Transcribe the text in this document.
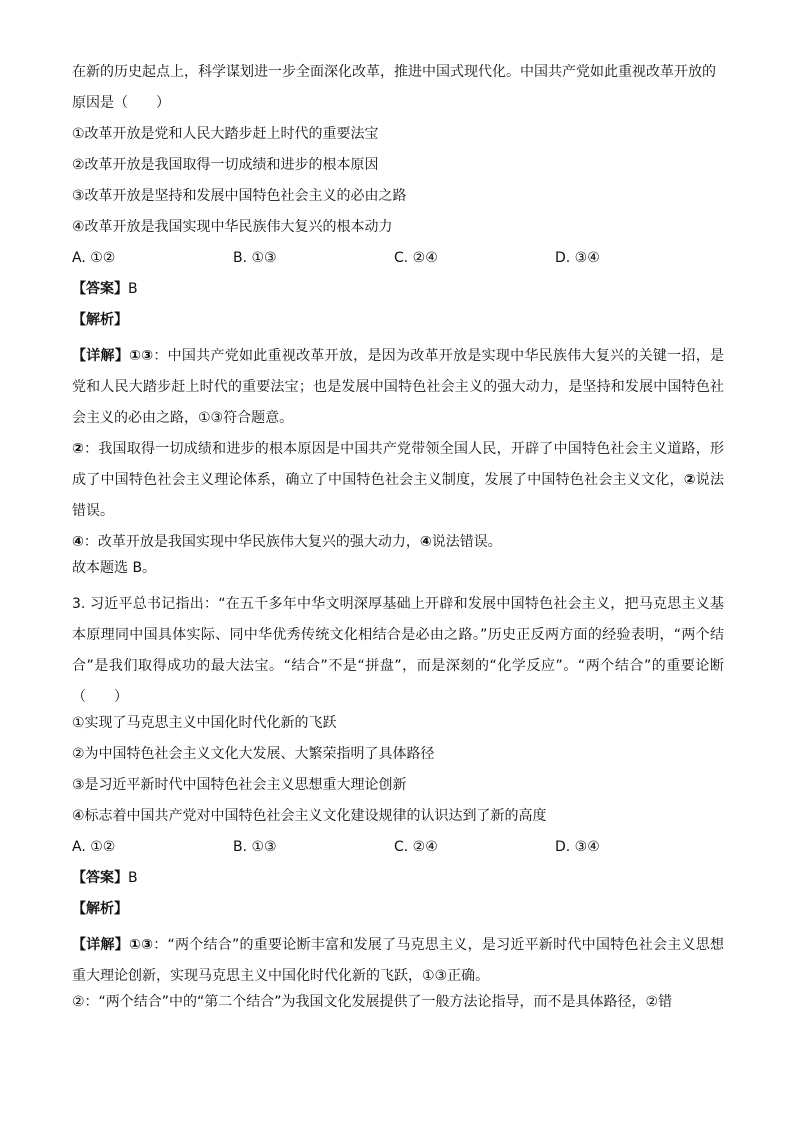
在新的历史起点上，科学谋划进一步全面深化改革，推进中国式现代化。中国共产党如此重视改革开放的

原因是（　　）

①改革开放是党和人民大踏步赶上时代的重要法宝

②改革开放是我国取得一切成绩和进步的根本原因

③改革开放是坚持和发展中国特色社会主义的必由之路

④改革开放是我国实现中华民族伟大复兴的根本动力

A. ①②	B. ①③	C. ②④	D. ③④

【答案】B

【解析】

【详解】①③：中国共产党如此重视改革开放，是因为改革开放是实现中华民族伟大复兴的关键一招，是党和人民大踏步赶上时代的重要法宝；也是发展中国特色社会主义的强大动力，是坚持和发展中国特色社会主义的必由之路，①③符合题意。

②：我国取得一切成绩和进步的根本原因是中国共产党带领全国人民，开辟了中国特色社会主义道路，形成了中国特色社会主义理论体系，确立了中国特色社会主义制度，发展了中国特色社会主义文化，②说法错误。

④：改革开放是我国实现中华民族伟大复兴的强大动力，④说法错误。

故本题选 B。

3. 习近平总书记指出：“在五千多年中华文明深厚基础上开辟和发展中国特色社会主义，把马克思主义基本原理同中国具体实际、同中华优秀传统文化相结合是必由之路。”历史正反两方面的经验表明，“两个结合”是我们取得成功的最大法宝。“结合”不是“拼盘”，而是深刻的“化学反应”。“两个结合”的重要论断（　　）

①实现了马克思主义中国化时代化新的飞跃

②为中国特色社会主义文化大发展、大繁荣指明了具体路径

③是习近平新时代中国特色社会主义思想重大理论创新

④标志着中国共产党对中国特色社会主义文化建设规律的认识达到了新的高度

A. ①②	B. ①③	C. ②④	D. ③④

【答案】B

【解析】

【详解】①③：“两个结合”的重要论断丰富和发展了马克思主义，是习近平新时代中国特色社会主义思想重大理论创新，实现马克思主义中国化时代化新的飞跃，①③正确。

②：“两个结合”中的“第二个结合”为我国文化发展提供了一般方法论指导，而不是具体路径，②错
